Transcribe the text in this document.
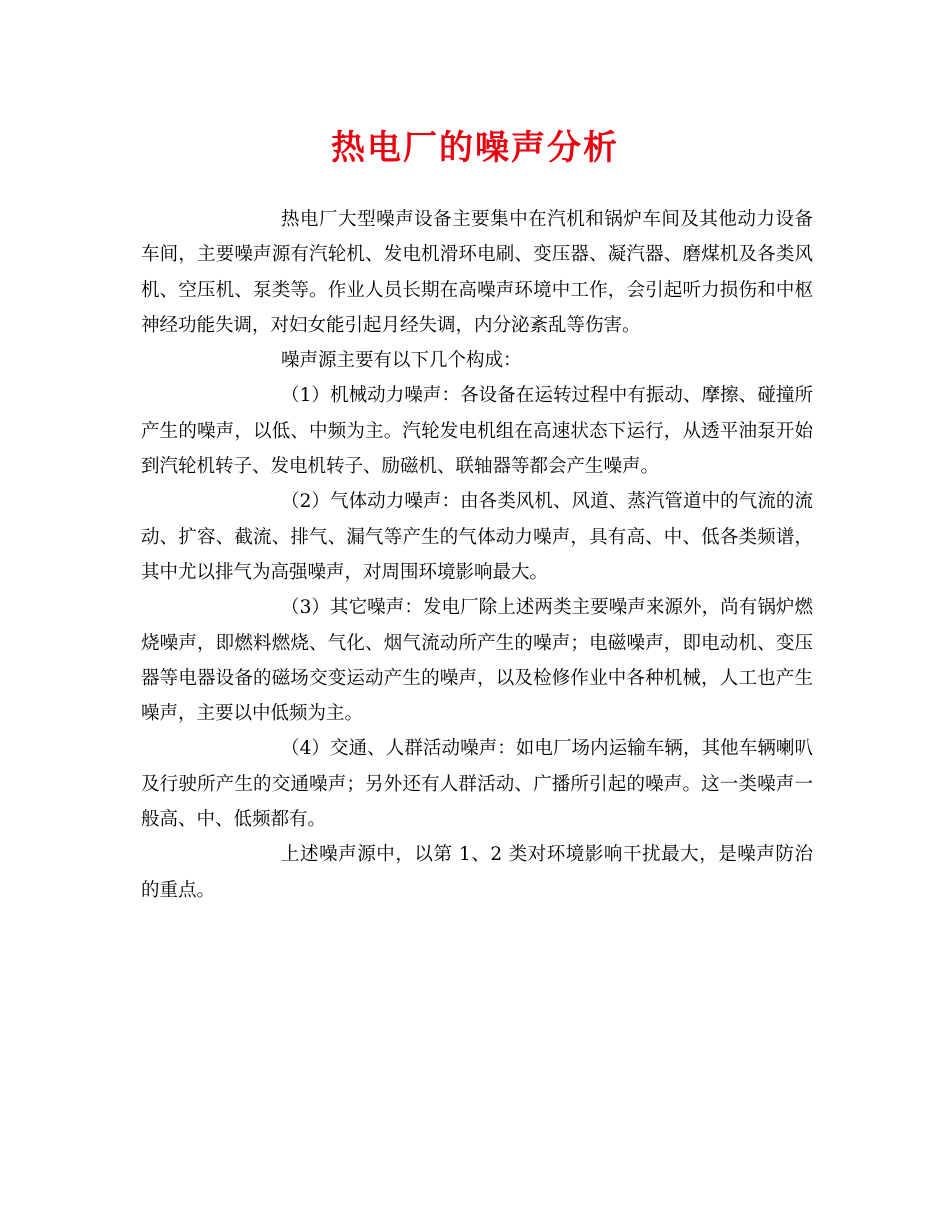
热电厂的噪声分析

热电厂大型噪声设备主要集中在汽机和锅炉车间及其他动力设备车间，主要噪声源有汽轮机、发电机滑环电刷、变压器、凝汽器、磨煤机及各类风机、空压机、泵类等。作业人员长期在高噪声环境中工作，会引起听力损伤和中枢神经功能失调，对妇女能引起月经失调，内分泌紊乱等伤害。

噪声源主要有以下几个构成：

（1）机械动力噪声：各设备在运转过程中有振动、摩擦、碰撞所产生的噪声，以低、中频为主。汽轮发电机组在高速状态下运行，从透平油泵开始到汽轮机转子、发电机转子、励磁机、联轴器等都会产生噪声。

（2）气体动力噪声：由各类风机、风道、蒸汽管道中的气流的流动、扩容、截流、排气、漏气等产生的气体动力噪声，具有高、中、低各类频谱，其中尤以排气为高强噪声，对周围环境影响最大。

（3）其它噪声：发电厂除上述两类主要噪声来源外，尚有锅炉燃烧噪声，即燃料燃烧、气化、烟气流动所产生的噪声；电磁噪声，即电动机、变压器等电器设备的磁场交变运动产生的噪声，以及检修作业中各种机械，人工也产生噪声，主要以中低频为主。

（4）交通、人群活动噪声：如电厂场内运输车辆，其他车辆喇叭及行驶所产生的交通噪声；另外还有人群活动、广播所引起的噪声。这一类噪声一般高、中、低频都有。

上述噪声源中，以第 1、2 类对环境影响干扰最大，是噪声防治的重点。
